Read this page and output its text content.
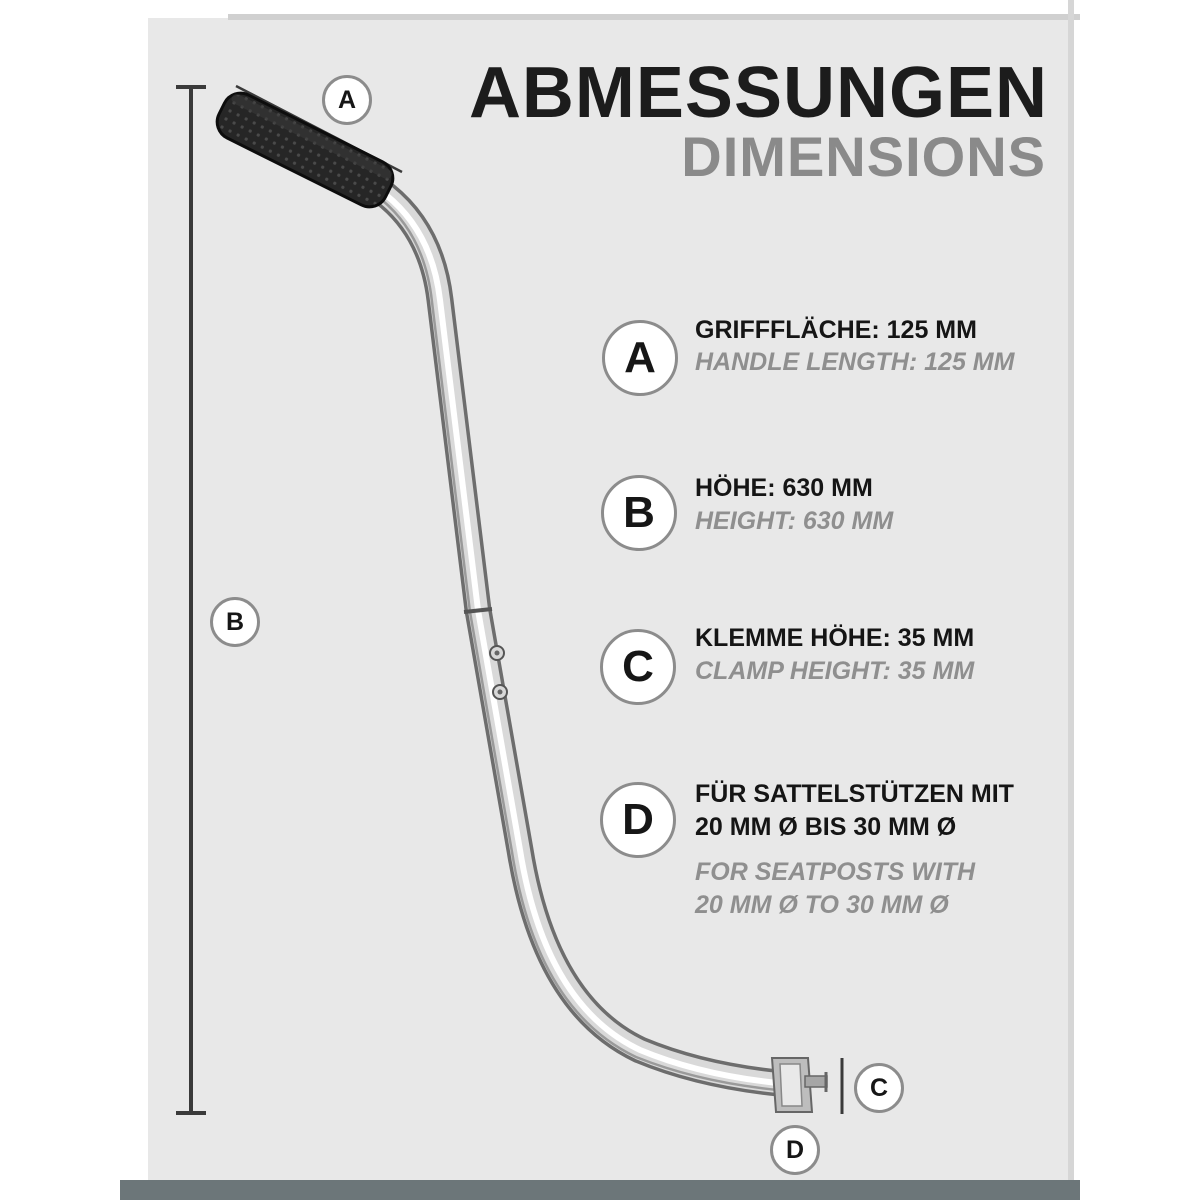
ABMESSUNGEN
DIMENSIONS
A
GRIFFFLÄCHE: 125 MM
HANDLE LENGTH: 125 MM
B	HÖHE: 630 MM
HEIGHT: 630 MM
C
KLEMME HÖHE: 35 MM
CLAMP HEIGHT: 35 MM
D
FÜR SATTELSTÜTZEN MIT
20 MM Ø BIS 30 MM Ø
FOR SEATPOSTS WITH
20 MM Ø TO 30 MM Ø
A
B
C
D
